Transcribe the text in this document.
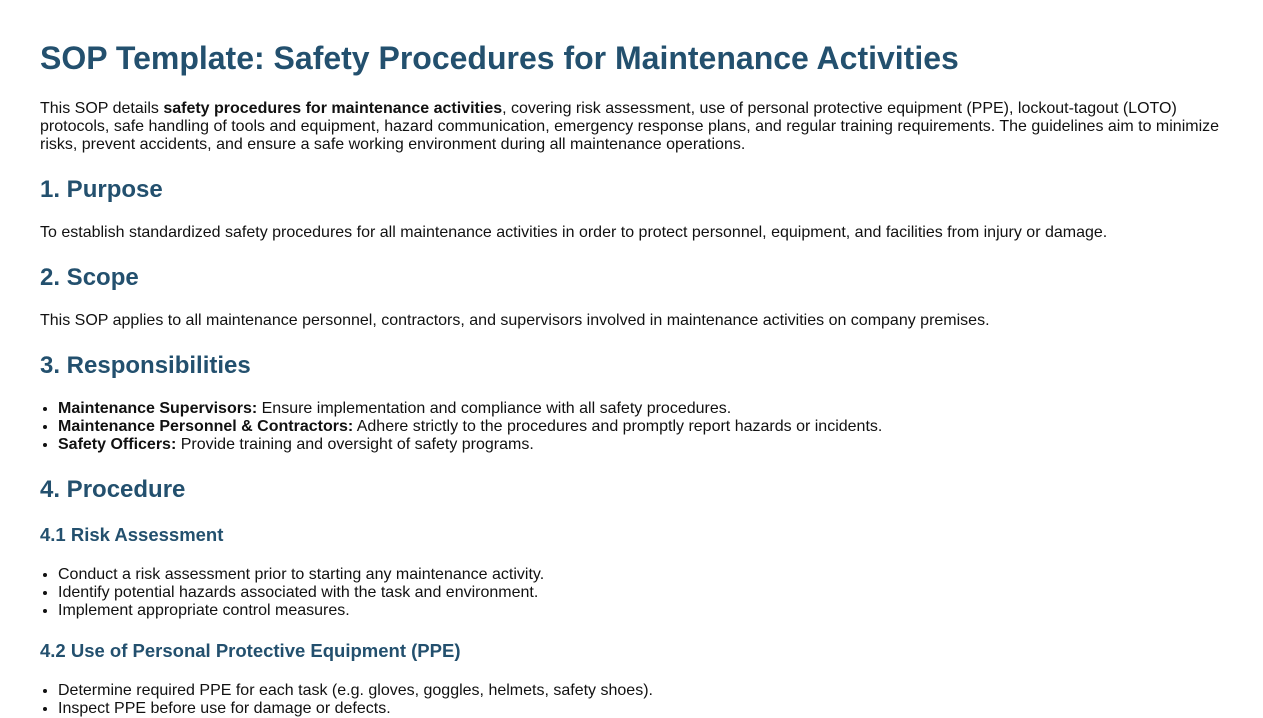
SOP Template: Safety Procedures for Maintenance Activities

This SOP details safety procedures for maintenance activities, covering risk assessment, use of personal protective equipment (PPE), lockout-tagout (LOTO) protocols, safe handling of tools and equipment, hazard communication, emergency response plans, and regular training requirements. The guidelines aim to minimize risks, prevent accidents, and ensure a safe working environment during all maintenance operations.

1. Purpose

To establish standardized safety procedures for all maintenance activities in order to protect personnel, equipment, and facilities from injury or damage.

2. Scope

This SOP applies to all maintenance personnel, contractors, and supervisors involved in maintenance activities on company premises.

3. Responsibilities
• Maintenance Supervisors: Ensure implementation and compliance with all safety procedures.
• Maintenance Personnel & Contractors: Adhere strictly to the procedures and promptly report hazards or incidents.
• Safety Officers: Provide training and oversight of safety programs.
4. Procedure
4.1 Risk Assessment
• Conduct a risk assessment prior to starting any maintenance activity.
• Identify potential hazards associated with the task and environment.
• Implement appropriate control measures.
4.2 Use of Personal Protective Equipment (PPE)
• Determine required PPE for each task (e.g. gloves, goggles, helmets, safety shoes).
• Inspect PPE before use for damage or defects.
